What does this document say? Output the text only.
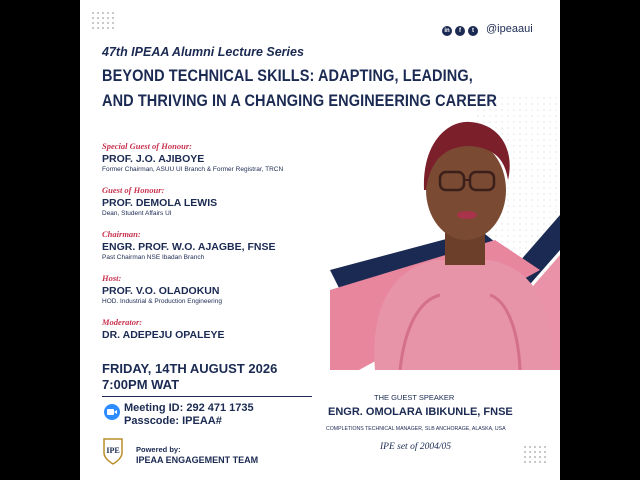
in	f	t	@ipeaaui
47th IPEAA Alumni Lecture Series
BEYOND TECHNICAL SKILLS: ADAPTING, LEADING,
AND THRIVING IN A CHANGING ENGINEERING CAREER
Special Guest of Honour:
PROF. J.O. AJIBOYE
Former Chairman, ASUU UI Branch & Former Registrar, TRCN
Guest of Honour:
PROF. DEMOLA LEWIS
Dean, Student Affairs UI
Chairman:
ENGR. PROF. W.O. AJAGBE, FNSE
Past Chairman NSE Ibadan Branch
Host:
PROF. V.O. OLADOKUN
HOD. Industrial & Production Engineering
Moderator:
DR. ADEPEJU OPALEYE
FRIDAY, 14TH AUGUST 2026
7:00PM WAT
Meeting ID: 292 471 1735
Passcode: IPEAA#
IPE Powered by:
IPEAA ENGAGEMENT TEAM
THE GUEST SPEAKER
ENGR. OMOLARA IBIKUNLE, FNSE
COMPLETIONS TECHNICAL MANAGER, SLB ANCHORAGE, ALASKA, USA
IPE set of 2004/05
